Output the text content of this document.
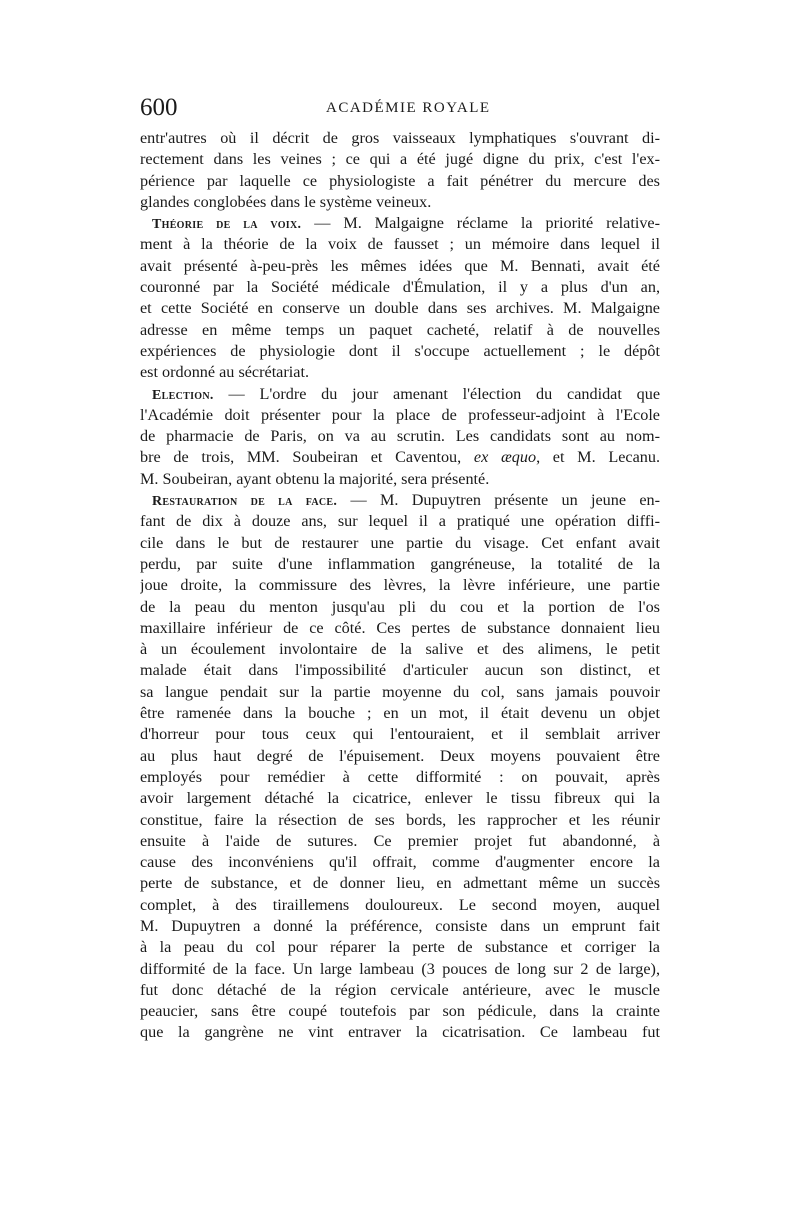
600	ACADÉMIE ROYALE
entr'autres où il décrit de gros vaisseaux lymphatiques s'ouvrant di-
rectement dans les veines ; ce qui a été jugé digne du prix, c'est l'ex-
périence par laquelle ce physiologiste a fait pénétrer du mercure des
glandes conglobées dans le système veineux.
Théorie de la voix. — M. Malgaigne réclame la priorité relative-
ment à la théorie de la voix de fausset ; un mémoire dans lequel il
avait présenté à-peu-près les mêmes idées que M. Bennati, avait été
couronné par la Société médicale d'Émulation, il y a plus d'un an,
et cette Société en conserve un double dans ses archives. M. Malgaigne
adresse en même temps un paquet cacheté, relatif à de nouvelles
expériences de physiologie dont il s'occupe actuellement ; le dépôt
est ordonné au sécrétariat.
Election. — L'ordre du jour amenant l'élection du candidat que
l'Académie doit présenter pour la place de professeur-adjoint à l'Ecole
de pharmacie de Paris, on va au scrutin. Les candidats sont au nom-
bre de trois, MM. Soubeiran et Caventou, ex æquo, et M. Lecanu.
M. Soubeiran, ayant obtenu la majorité, sera présenté.
Restauration de la face. — M. Dupuytren présente un jeune en-
fant de dix à douze ans, sur lequel il a pratiqué une opération diffi-
cile dans le but de restaurer une partie du visage. Cet enfant avait
perdu, par suite d'une inflammation gangréneuse, la totalité de la
joue droite, la commissure des lèvres, la lèvre inférieure, une partie
de la peau du menton jusqu'au pli du cou et la portion de l'os
maxillaire inférieur de ce côté. Ces pertes de substance donnaient lieu
à un écoulement involontaire de la salive et des alimens, le petit
malade était dans l'impossibilité d'articuler aucun son distinct, et
sa langue pendait sur la partie moyenne du col, sans jamais pouvoir
être ramenée dans la bouche ; en un mot, il était devenu un objet
d'horreur pour tous ceux qui l'entouraient, et il semblait arriver
au plus haut degré de l'épuisement. Deux moyens pouvaient être
employés pour remédier à cette difformité : on pouvait, après
avoir largement détaché la cicatrice, enlever le tissu fibreux qui la
constitue, faire la résection de ses bords, les rapprocher et les réunir
ensuite à l'aide de sutures. Ce premier projet fut abandonné, à
cause des inconvéniens qu'il offrait, comme d'augmenter encore la
perte de substance, et de donner lieu, en admettant même un succès
complet, à des tiraillemens douloureux. Le second moyen, auquel
M. Dupuytren a donné la préférence, consiste dans un emprunt fait
à la peau du col pour réparer la perte de substance et corriger la
difformité de la face. Un large lambeau (3 pouces de long sur 2 de large),
fut donc détaché de la région cervicale antérieure, avec le muscle
peaucier, sans être coupé toutefois par son pédicule, dans la crainte
que la gangrène ne vint entraver la cicatrisation. Ce lambeau fut
